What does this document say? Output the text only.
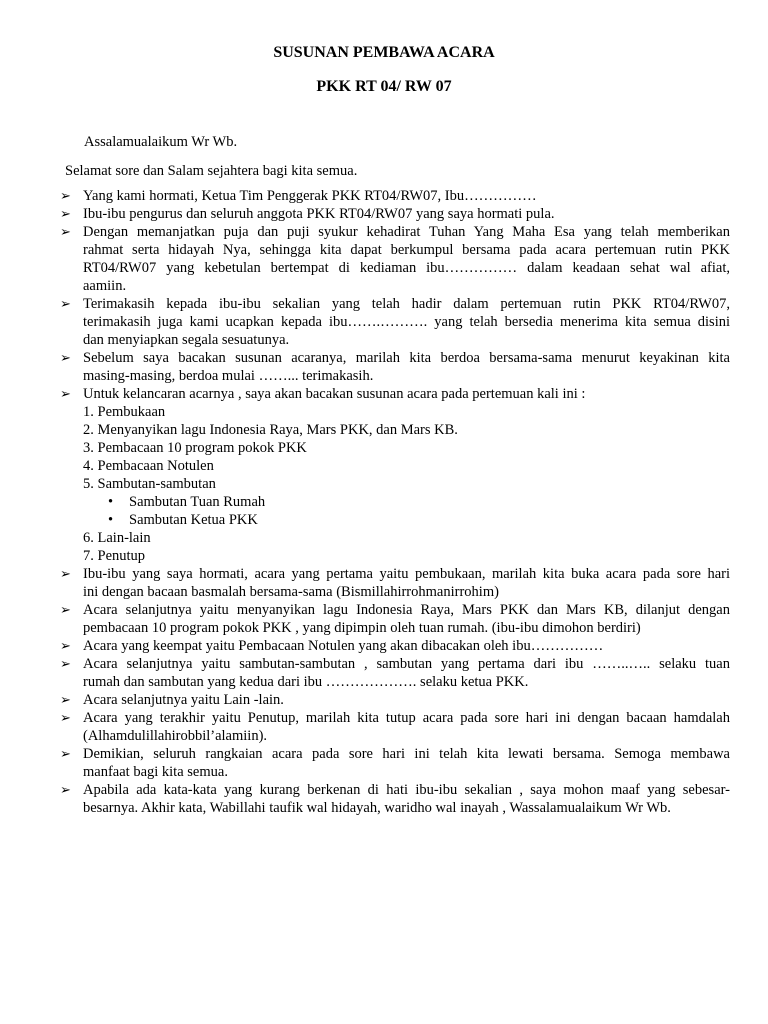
SUSUNAN PEMBAWA ACARA
PKK RT 04/ RW 07
Assalamualaikum Wr Wb.
Selamat sore dan Salam sejahtera bagi kita semua.
➢ Yang kami hormati, Ketua Tim Penggerak PKK RT04/RW07, Ibu……………
➢ Ibu-ibu pengurus dan seluruh anggota PKK RT04/RW07 yang saya hormati pula.
➢ Dengan memanjatkan puja dan puji syukur kehadirat Tuhan Yang Maha Esa yang telah memberikan
rahmat serta hidayah Nya, sehingga kita dapat berkumpul bersama pada acara pertemuan rutin PKK
RT04/RW07 yang kebetulan bertempat di kediaman ibu…………… dalam keadaan sehat wal afiat,
aamiin.
➢ Terimakasih kepada ibu-ibu sekalian yang telah hadir dalam pertemuan rutin PKK RT04/RW07,
terimakasih juga kami ucapkan kepada ibu…….………. yang telah bersedia menerima kita semua disini
dan menyiapkan segala sesuatunya.
➢ Sebelum saya bacakan susunan acaranya, marilah kita berdoa bersama-sama menurut keyakinan kita
masing-masing, berdoa mulai ……... terimakasih.
➢ Untuk kelancaran acarnya , saya akan bacakan susunan acara pada pertemuan kali ini :
1. Pembukaan
2. Menyanyikan lagu Indonesia Raya, Mars PKK, dan Mars KB.
3. Pembacaan 10 program pokok PKK
4. Pembacaan Notulen
5. Sambutan-sambutan
• Sambutan Tuan Rumah
• Sambutan Ketua PKK
6. Lain-lain
7. Penutup
➢ Ibu-ibu yang saya hormati, acara yang pertama yaitu pembukaan, marilah kita buka acara pada sore hari
ini dengan bacaan basmalah bersama-sama (Bismillahirrohmanirrohim)
➢ Acara selanjutnya yaitu menyanyikan lagu Indonesia Raya, Mars PKK dan Mars KB, dilanjut dengan
pembacaan 10 program pokok PKK , yang dipimpin oleh tuan rumah. (ibu-ibu dimohon berdiri)
➢ Acara yang keempat yaitu Pembacaan Notulen yang akan dibacakan oleh ibu……………
➢ Acara selanjutnya yaitu sambutan-sambutan , sambutan yang pertama dari ibu ……..….. selaku tuan
rumah dan sambutan yang kedua dari ibu ………………. selaku ketua PKK.
➢ Acara selanjutnya yaitu Lain -lain.
➢ Acara yang terakhir yaitu Penutup, marilah kita tutup acara pada sore hari ini dengan bacaan hamdalah
(Alhamdulillahirobbil’alamiin).
➢ Demikian, seluruh rangkaian acara pada sore hari ini telah kita lewati bersama. Semoga membawa
manfaat bagi kita semua.
➢ Apabila ada kata-kata yang kurang berkenan di hati ibu-ibu sekalian , saya mohon maaf yang sebesar-
besarnya. Akhir kata, Wabillahi taufik wal hidayah, waridho wal inayah , Wassalamualaikum Wr Wb.
